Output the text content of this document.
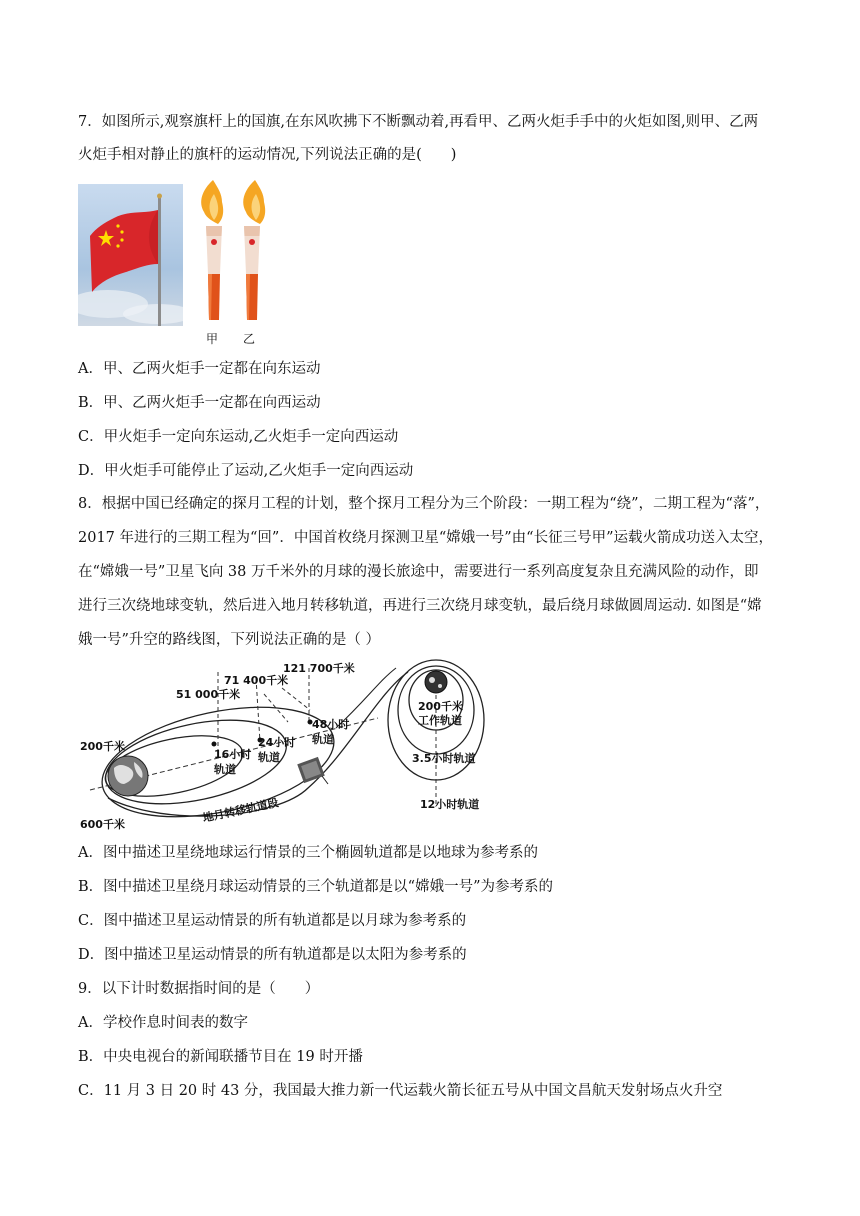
7．如图所示,观察旗杆上的国旗,在东风吹拂下不断飘动着,再看甲、乙两火炬手手中的火炬如图,则甲、乙两
火炬手相对静止的旗杆的运动情况,下列说法正确的是(　　)
甲 乙
A．甲、乙两火炬手一定都在向东运动
B．甲、乙两火炬手一定都在向西运动
C．甲火炬手一定向东运动,乙火炬手一定向西运动
D．甲火炬手可能停止了运动,乙火炬手一定向西运动
8．根据中国已经确定的探月工程的计划，整个探月工程分为三个阶段：一期工程为“绕”，二期工程为“落”，
2017 年进行的三期工程为“回”．中国首枚绕月探测卫星“嫦娥一号”由“长征三号甲”运载火箭成功送入太空，
在“嫦娥一号”卫星飞向 38 万千米外的月球的漫长旅途中，需要进行一系列高度复杂且充满风险的动作，即
进行三次绕地球变轨，然后进入地月转移轨道，再进行三次绕月球变轨，最后绕月球做圆周运动. 如图是“嫦
娥一号”升空的路线图，下列说法正确的是（ ）
121 700千米
71 400千米
51 000千米
200千米
600千米
48小时
轨道
24小时
轨道
16小时
轨道
地月转移轨道段
200千米
工作轨道
3.5小时轨道
12小时轨道
A．图中描述卫星绕地球运行情景的三个椭圆轨道都是以地球为参考系的
B．图中描述卫星绕月球运动情景的三个轨道都是以“嫦娥一号”为参考系的
C．图中描述卫星运动情景的所有轨道都是以月球为参考系的
D．图中描述卫星运动情景的所有轨道都是以太阳为参考系的
9．以下计时数据指时间的是（　　）
A．学校作息时间表的数字
B．中央电视台的新闻联播节目在 19 时开播
C．11 月 3 日 20 时 43 分，我国最大推力新一代运载火箭长征五号从中国文昌航天发射场点火升空
